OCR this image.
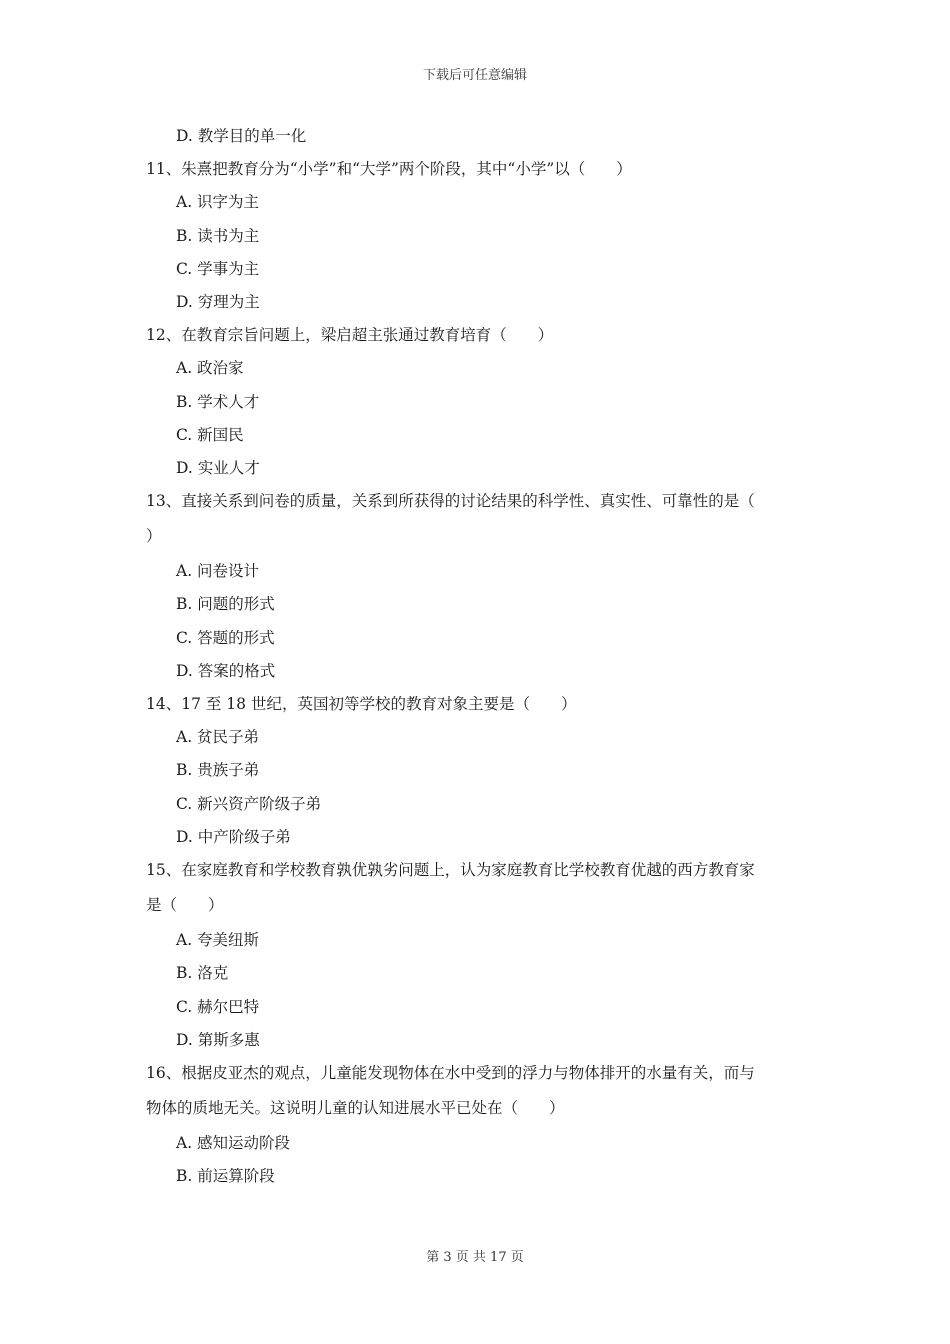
下载后可任意编辑
D. 教学目的单一化
11、朱熹把教育分为“小学”和“大学”两个阶段，其中“小学”以（　　）
A. 识字为主
B. 读书为主
C. 学事为主
D. 穷理为主
12、在教育宗旨问题上，梁启超主张通过教育培育（　　）
A. 政治家
B. 学术人才
C. 新国民
D. 实业人才
13、直接关系到问卷的质量，关系到所获得的讨论结果的科学性、真实性、可靠性的是（
）
A. 问卷设计
B. 问题的形式
C. 答题的形式
D. 答案的格式
14、17 至 18 世纪，英国初等学校的教育对象主要是（　　）
A. 贫民子弟
B. 贵族子弟
C. 新兴资产阶级子弟
D. 中产阶级子弟
15、在家庭教育和学校教育孰优孰劣问题上，认为家庭教育比学校教育优越的西方教育家
是（　　）
A. 夸美纽斯
B. 洛克
C. 赫尔巴特
D. 第斯多惠
16、根据皮亚杰的观点，儿童能发现物体在水中受到的浮力与物体排开的水量有关，而与
物体的质地无关。这说明儿童的认知进展水平已处在（　　）
A. 感知运动阶段
B. 前运算阶段
第 3 页 共 17 页
